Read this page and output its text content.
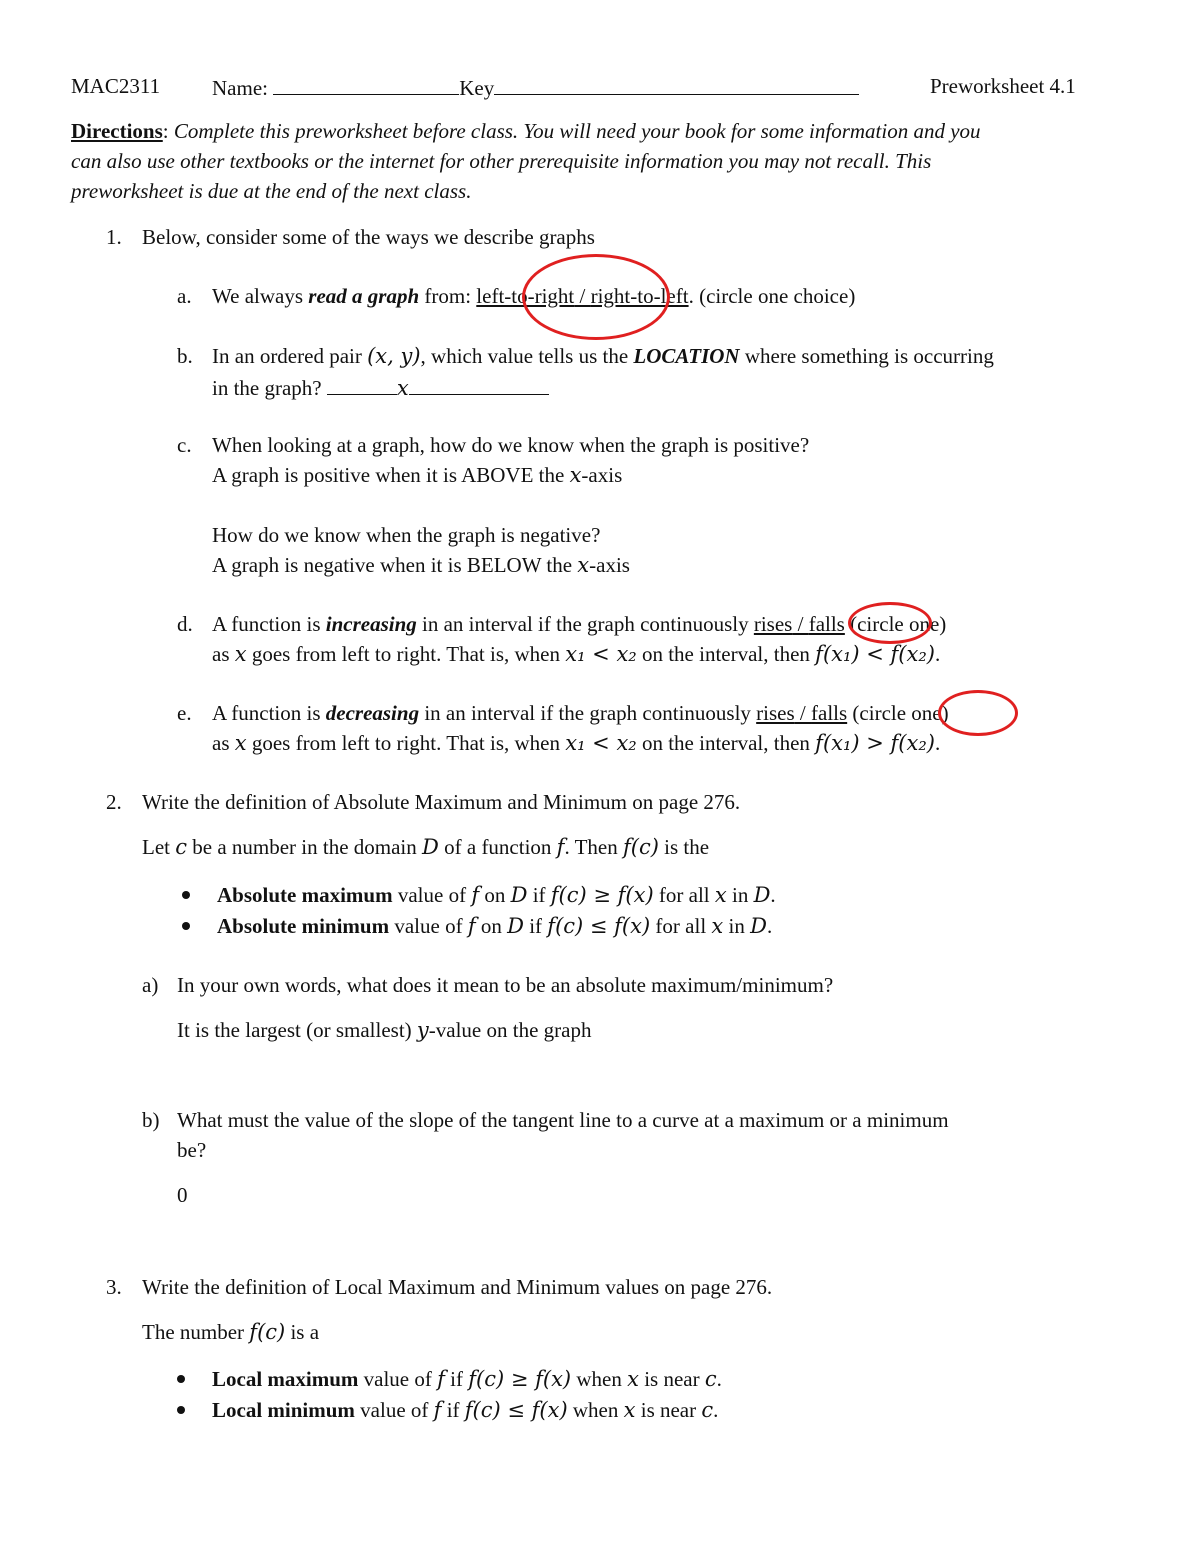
MAC2311 Name:	Key	Preworksheet 4.1
Directions: Complete this preworksheet before class. You will need your book for some information and you
can also use other textbooks or the internet for other prerequisite information you may not recall. This
preworksheet is due at the end of the next class.
1. Below, consider some of the ways we describe graphs
a. We always read a graph from: left-to-right / right-to-left. (circle one choice)
b. In an ordered pair (x, y), which value tells us the LOCATION where something is occurring
in the graph?	x
c. When looking at a graph, how do we know when the graph is positive?
A graph is positive when it is ABOVE the x-axis
How do we know when the graph is negative?
A graph is negative when it is BELOW the x-axis
d. A function is increasing in an interval if the graph continuously rises / falls (circle one)
as x goes from left to right. That is, when x₁ < x₂ on the interval, then f(x₁) < f(x₂).
e. A function is decreasing in an interval if the graph continuously rises / falls (circle one)
as x goes from left to right. That is, when x₁ < x₂ on the interval, then f(x₁) > f(x₂).
2. Write the definition of Absolute Maximum and Minimum on page 276.
Let c be a number in the domain D of a function f. Then f(c) is the
Absolute maximum value of f on D if f(c) ≥ f(x) for all x in D.
Absolute minimum value of f on D if f(c) ≤ f(x) for all x in D.
a) In your own words, what does it mean to be an absolute maximum/minimum?
It is the largest (or smallest) y-value on the graph
b) What must the value of the slope of the tangent line to a curve at a maximum or a minimum
be?
0
3. Write the definition of Local Maximum and Minimum values on page 276.
The number f(c) is a
Local maximum value of f if f(c) ≥ f(x) when x is near c.
Local minimum value of f if f(c) ≤ f(x) when x is near c.
